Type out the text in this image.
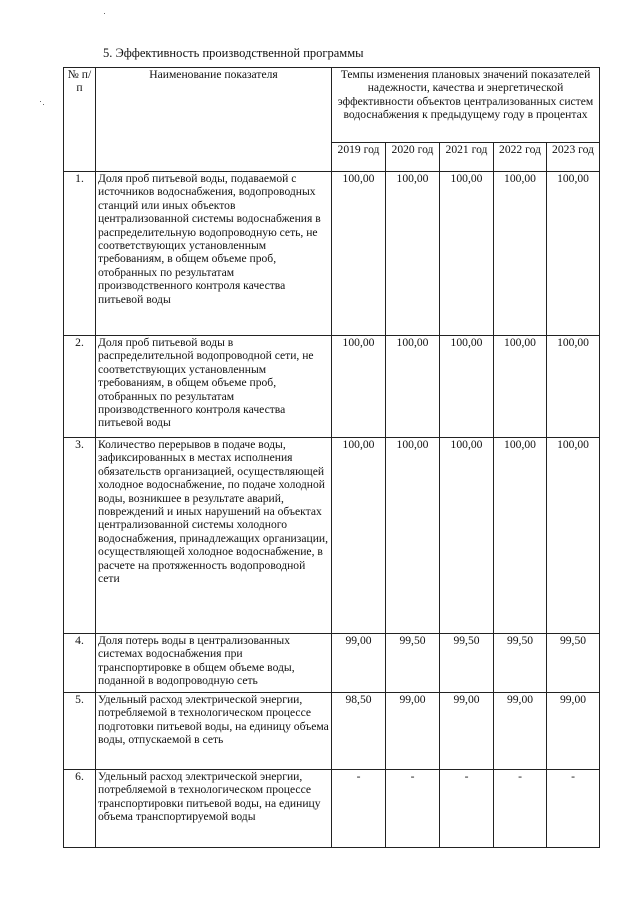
5. Эффективность производственной программы
№ п/п	Наименование показателя	Темпы изменения плановых значений показателей надежности, качества и энергетической эффективности объектов централизованных систем водоснабжения к предыдущему году в процентах				
		2019 год	2020 год	2021 год	2022 год	2023 год
1.	Доля проб питьевой воды, подаваемой с источников водоснабжения, водопроводных станций или иных объектов централизованной системы водоснабжения в распределительную водопроводную сеть, не соответствующих установленным требованиям, в общем объеме проб, отобранных по результатам производственного контроля качества питьевой воды	100,00	100,00	100,00	100,00	100,00
2.	Доля проб питьевой воды в распределительной водопроводной сети, не соответствующих установленным требованиям, в общем объеме проб, отобранных по результатам производственного контроля качества питьевой воды	100,00	100,00	100,00	100,00	100,00
3.	Количество перерывов в подаче воды, зафиксированных в местах исполнения обязательств организацией, осуществляющей холодное водоснабжение, по подаче холодной воды, возникшее в результате аварий, повреждений и иных нарушений на объектах централизованной системы холодного водоснабжения, принадлежащих организации, осуществляющей холодное водоснабжение, в расчете на протяженность водопроводной сети	100,00	100,00	100,00	100,00	100,00
4.	Доля потерь воды в централизованных системах водоснабжения при транспортировке в общем объеме воды, поданной в водопроводную сеть	99,00	99,50	99,50	99,50	99,50
5.	Удельный расход электрической энергии, потребляемой в технологическом процессе подготовки питьевой воды, на единицу объема воды, отпускаемой в сеть	98,50	99,00	99,00	99,00	99,00
6.	Удельный расход электрической энергии, потребляемой в технологическом процессе транспортировки питьевой воды, на единицу объема транспортируемой воды	-	-	-	-	-
